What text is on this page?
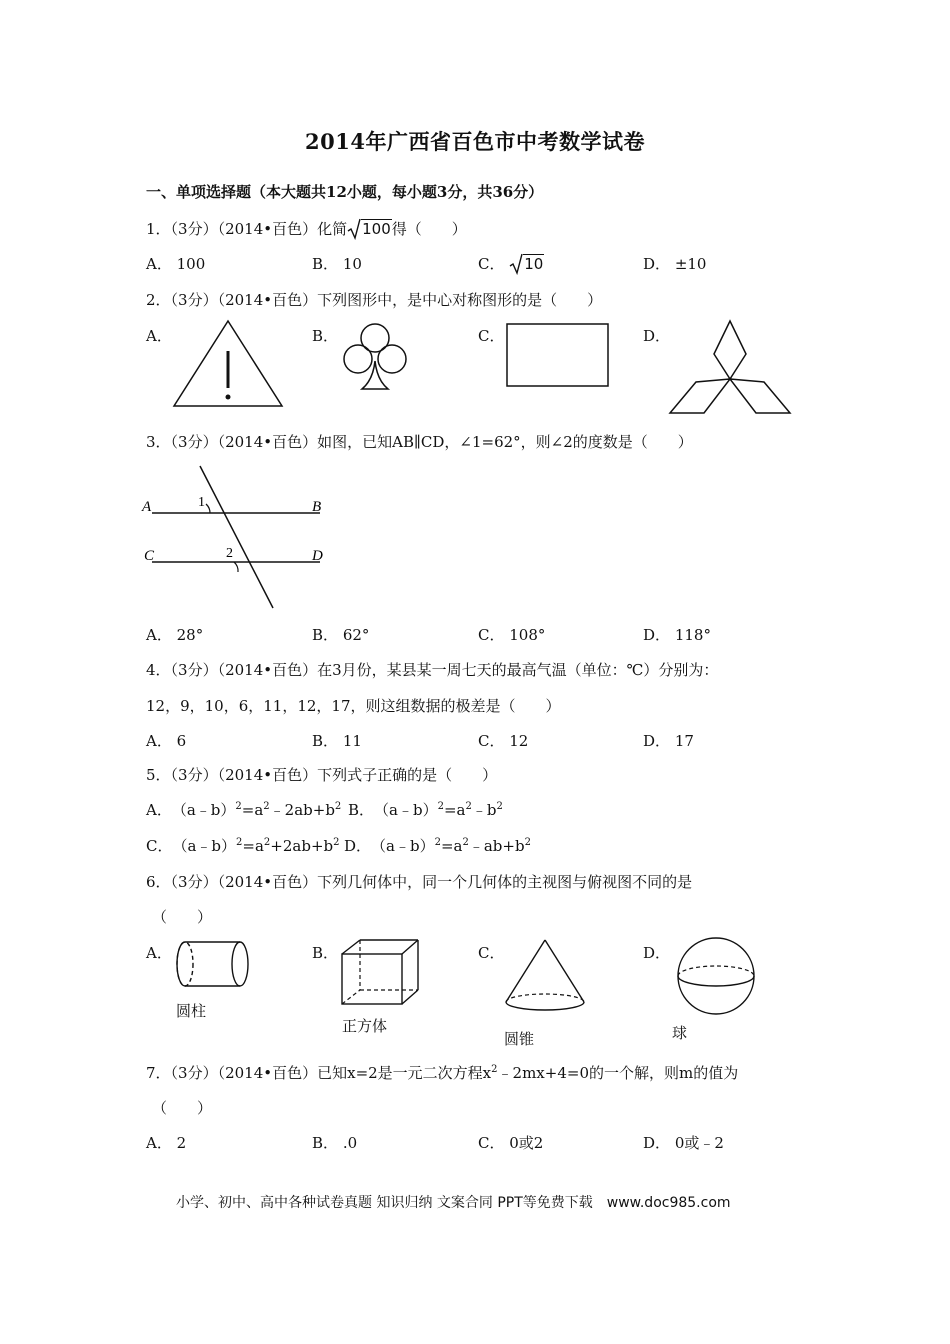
2014年广西省百色市中考数学试卷
一、单项选择题（本大题共12小题，每小题3分，共36分）
1．（3分）（2014•百色）化简 100得（　　）
A． 100	B． 10	C． 10	D． ±10
2．（3分）（2014•百色）下列图形中，是中心对称图形的是（　　）
A．	B．	C．	D．
3．（3分）（2014•百色）如图，已知AB∥CD，∠1=62°，则∠2的度数是（　　）
A	B
C	D
1
2
A． 28°	B． 62°	C． 108°	D． 118°
4．（3分）（2014•百色）在3月份，某县某一周七天的最高气温（单位：℃）分别为：
12，9，10，6，11，12，17，则这组数据的极差是（　　）
A． 6	B． 11	C． 12	D． 17
5．（3分）（2014•百色）下列式子正确的是（　　）
A．　$(a﹣b)^2=a^2﹣2ab+b^2$ B．　$(a﹣b)^2=a^2﹣b^2$
C．　$(a﹣b)^2=a^2+2ab+b^2$ D．　$(a﹣b)^2=a^2﹣ab+b^2$
6．（3分）（2014•百色）下列几何体中，同一个几何体的主视图与俯视图不同的是
（　　）
A．	B．	C．	D．
圆柱
正方体
圆锥	球
7．（3分）（2014•百色）已知x=2是一元二次方程$x^2﹣2mx+4=0$的一个解，则m的值为
（　　）
A． 2	B． .0	C． 0或2	D． 0或﹣2
小学、初中、高中各种试卷真题 知识归纳 文案合同 PPT等免费下载　www.doc985.com
